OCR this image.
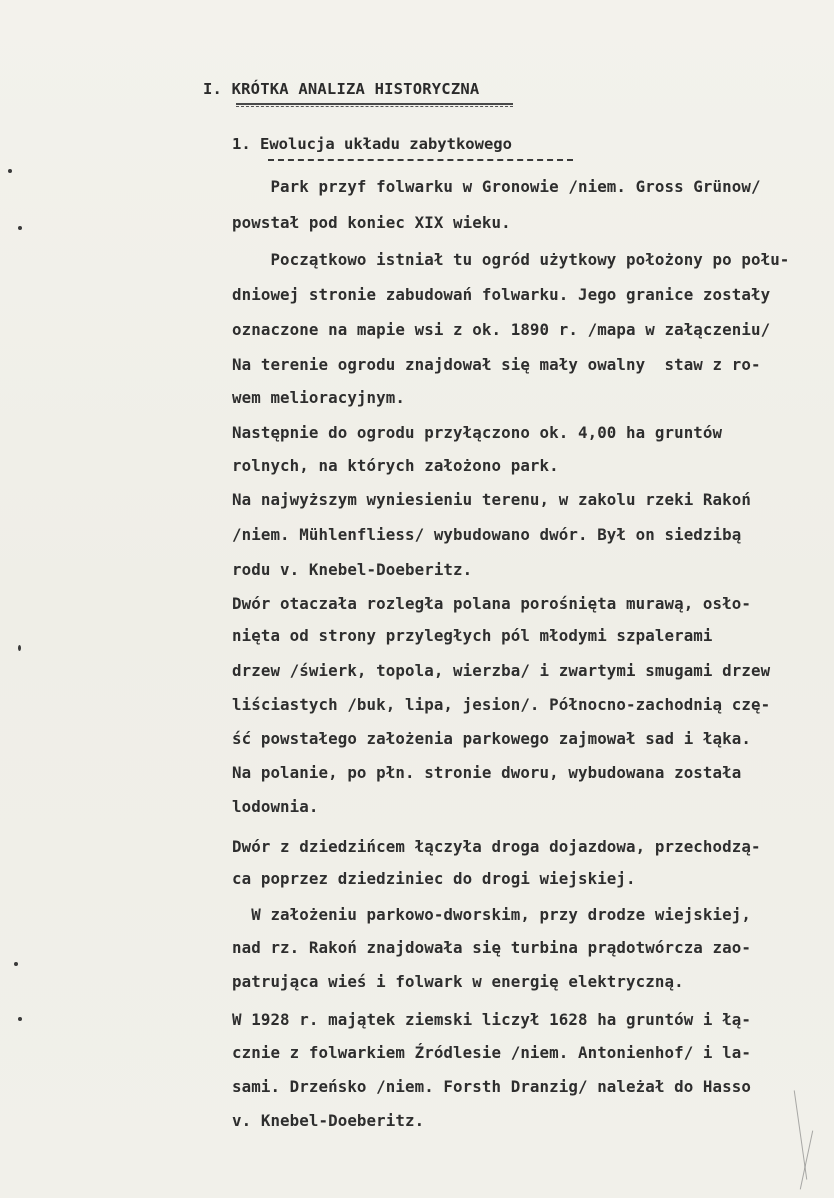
I. KRÓTKA ANALIZA HISTORYCZNA
1. Ewolucja układu zabytkowego
Park przyf folwarku w Gronowie /niem. Gross Grünow/
powstał pod koniec XIX wieku.
Początkowo istniał tu ogród użytkowy położony po połu-
dniowej stronie zabudowań folwarku. Jego granice zostały
oznaczone na mapie wsi z ok. 1890 r. /mapa w załączeniu/
Na terenie ogrodu znajdował się mały owalny  staw z ro-
wem melioracyjnym.
Następnie do ogrodu przyłączono ok. 4,00 ha gruntów
rolnych, na których założono park.
Na najwyższym wyniesieniu terenu, w zakolu rzeki Rakoń
/niem. Mühlenfliess/ wybudowano dwór. Był on siedzibą
rodu v. Knebel-Doeberitz.
Dwór otaczała rozległa polana porośnięta murawą, osło-
nięta od strony przyległych pól młodymi szpalerami
drzew /świerk, topola, wierzba/ i zwartymi smugami drzew
liściastych /buk, lipa, jesion/. Północno-zachodnią czę-
ść powstałego założenia parkowego zajmował sad i łąka.
Na polanie, po płn. stronie dworu, wybudowana została
lodownia.
Dwór z dziedzińcem łączyła droga dojazdowa, przechodzą-
ca poprzez dziedziniec do drogi wiejskiej.
W założeniu parkowo-dworskim, przy drodze wiejskiej,
nad rz. Rakoń znajdowała się turbina prądotwórcza zao-
patrująca wieś i folwark w energię elektryczną.
W 1928 r. majątek ziemski liczył 1628 ha gruntów i łą-
cznie z folwarkiem Źródlesie /niem. Antonienhof/ i la-
sami. Drzeńsko /niem. Forsth Dranzig/ należał do Hasso
v. Knebel-Doeberitz.
